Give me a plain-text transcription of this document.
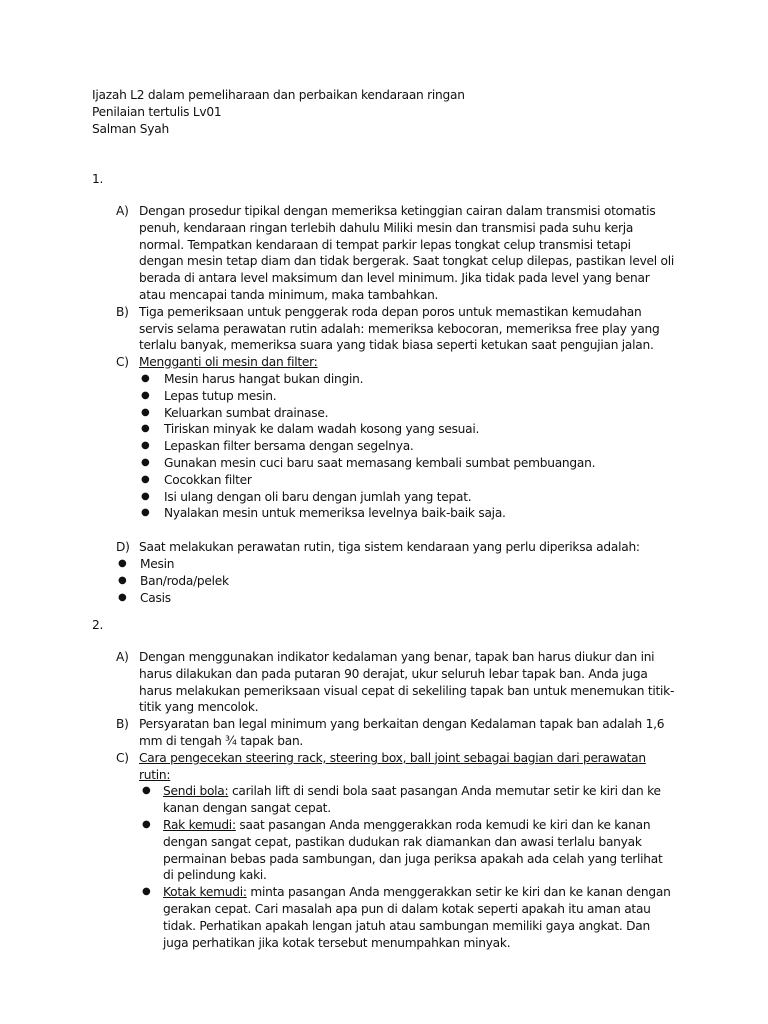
Ijazah L2 dalam pemeliharaan dan perbaikan kendaraan ringan
Penilaian tertulis Lv01
Salman Syah
1.
A) Dengan prosedur tipikal dengan memeriksa ketinggian cairan dalam transmisi otomatis penuh, kendaraan ringan terlebih dahulu Miliki mesin dan transmisi pada suhu kerja normal. Tempatkan kendaraan di tempat parkir lepas tongkat celup transmisi tetapi dengan mesin tetap diam dan tidak bergerak. Saat tongkat celup dilepas, pastikan level oli berada di antara level maksimum dan level minimum. Jika tidak pada level yang benar atau mencapai tanda minimum, maka tambahkan.
B) Tiga pemeriksaan untuk penggerak roda depan poros untuk memastikan kemudahan servis selama perawatan rutin adalah: memeriksa kebocoran, memeriksa free play yang terlalu banyak, memeriksa suara yang tidak biasa seperti ketukan saat pengujian jalan.
C) Mengganti oli mesin dan filter:
● Mesin harus hangat bukan dingin.
● Lepas tutup mesin.
● Keluarkan sumbat drainase.
● Tiriskan minyak ke dalam wadah kosong yang sesuai.
● Lepaskan filter bersama dengan segelnya.
● Gunakan mesin cuci baru saat memasang kembali sumbat pembuangan.
● Cocokkan filter
● Isi ulang dengan oli baru dengan jumlah yang tepat.
● Nyalakan mesin untuk memeriksa levelnya baik-baik saja.
D) Saat melakukan perawatan rutin, tiga sistem kendaraan yang perlu diperiksa adalah:
● Mesin
● Ban/roda/pelek
● Casis
2.
A) Dengan menggunakan indikator kedalaman yang benar, tapak ban harus diukur dan ini harus dilakukan dan pada putaran 90 derajat, ukur seluruh lebar tapak ban. Anda juga harus melakukan pemeriksaan visual cepat di sekeliling tapak ban untuk menemukan titik-titik yang mencolok.
B) Persyaratan ban legal minimum yang berkaitan dengan Kedalaman tapak ban adalah 1,6 mm di tengah ¾ tapak ban.
C) Cara pengecekan steering rack, steering box, ball joint sebagai bagian dari perawatan rutin:
● Sendi bola: carilah lift di sendi bola saat pasangan Anda memutar setir ke kiri dan ke kanan dengan sangat cepat.
● Rak kemudi: saat pasangan Anda menggerakkan roda kemudi ke kiri dan ke kanan dengan sangat cepat, pastikan dudukan rak diamankan dan awasi terlalu banyak permainan bebas pada sambungan, dan juga periksa apakah ada celah yang terlihat di pelindung kaki.
● Kotak kemudi: minta pasangan Anda menggerakkan setir ke kiri dan ke kanan dengan gerakan cepat. Cari masalah apa pun di dalam kotak seperti apakah itu aman atau tidak. Perhatikan apakah lengan jatuh atau sambungan memiliki gaya angkat. Dan juga perhatikan jika kotak tersebut menumpahkan minyak.
